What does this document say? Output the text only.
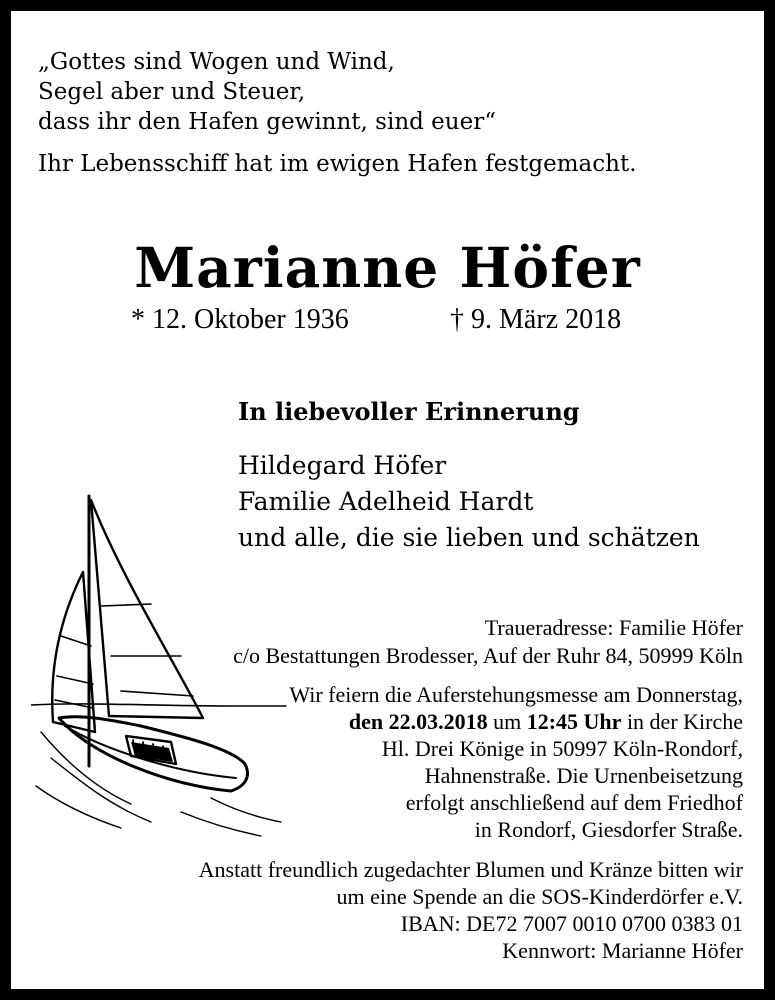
„Gottes sind Wogen und Wind,
Segel aber und Steuer,
dass ihr den Hafen gewinnt, sind euer“
Ihr Lebensschiff hat im ewigen Hafen festgemacht.
Marianne Höfer
* 12. Oktober 1936	† 9. März 2018
In liebevoller Erinnerung
Hildegard Höfer
Familie Adelheid Hardt
und alle, die sie lieben und schätzen
Traueradresse: Familie Höfer
c/o Bestattungen Brodesser, Auf der Ruhr 84, 50999 Köln
Wir feiern die Auferstehungsmesse am Donnerstag,
den 22.03.2018 um 12:45 Uhr in der Kirche
Hl. Drei Könige in 50997 Köln-Rondorf,
Hahnenstraße. Die Urnenbeisetzung
erfolgt anschließend auf dem Friedhof
in Rondorf, Giesdorfer Straße.
Anstatt freundlich zugedachter Blumen und Kränze bitten wir
um eine Spende an die SOS-Kinderdörfer e.V.
IBAN: DE72 7007 0010 0700 0383 01
Kennwort: Marianne Höfer
